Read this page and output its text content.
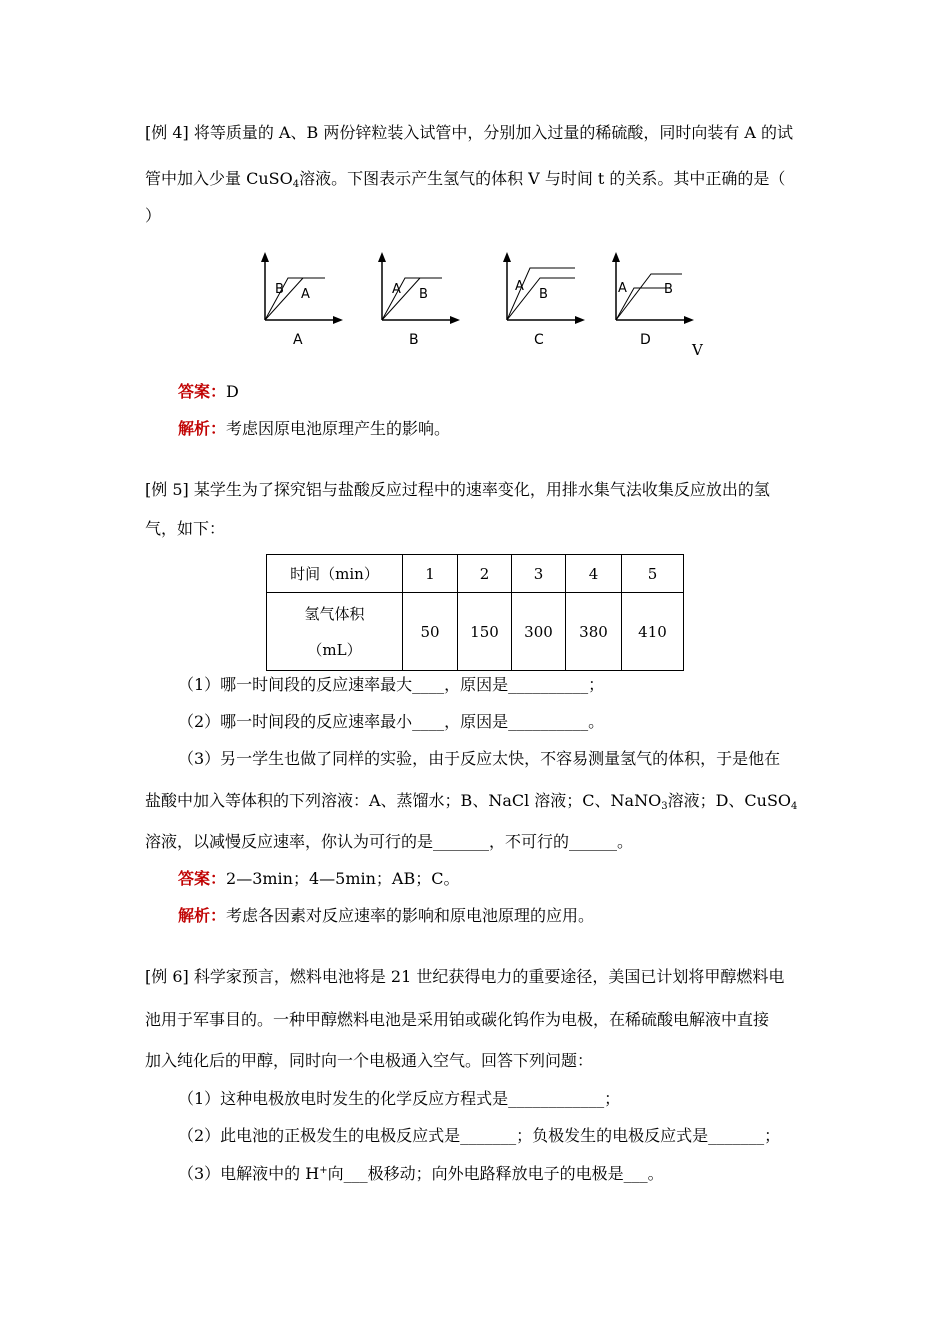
[例 4] 将等质量的 A、B 两份锌粒装入试管中，分别加入过量的稀硫酸，同时向装有 A 的试
管中加入少量 CuSO$_4$溶液。下图表示产生氢气的体积 V 与时间 t 的关系。其中正确的是（
）
B A
A
A B
B
A
B
C
A	B
D
V
答案：D
解析：考虑因原电池原理产生的影响。
[例 5] 某学生为了探究铝与盐酸反应过程中的速率变化，用排水集气法收集反应放出的氢
气，如下：
时间（min）	1	2	3	4	5

氢气体积
（mL）	50	150	300	380	410
（1）哪一时间段的反应速率最大____，原因是__________；
（2）哪一时间段的反应速率最小____，原因是__________。
（3）另一学生也做了同样的实验，由于反应太快，不容易测量氢气的体积，于是他在
盐酸中加入等体积的下列溶液：A、蒸馏水；B、NaCl 溶液；C、NaNO$_3$溶液；D、CuSO$_4$
溶液，以减慢反应速率，你认为可行的是_______，不可行的______。
答案：2—3min；4—5min；AB；C。
解析：考虑各因素对反应速率的影响和原电池原理的应用。
[例 6] 科学家预言，燃料电池将是 21 世纪获得电力的重要途径，美国已计划将甲醇燃料电
池用于军事目的。一种甲醇燃料电池是采用铂或碳化钨作为电极，在稀硫酸电解液中直接
加入纯化后的甲醇，同时向一个电极通入空气。回答下列问题：
（1）这种电极放电时发生的化学反应方程式是____________；
（2）此电池的正极发生的电极反应式是_______；负极发生的电极反应式是_______；
（3）电解液中的 H+向___极移动；向外电路释放电子的电极是___。
